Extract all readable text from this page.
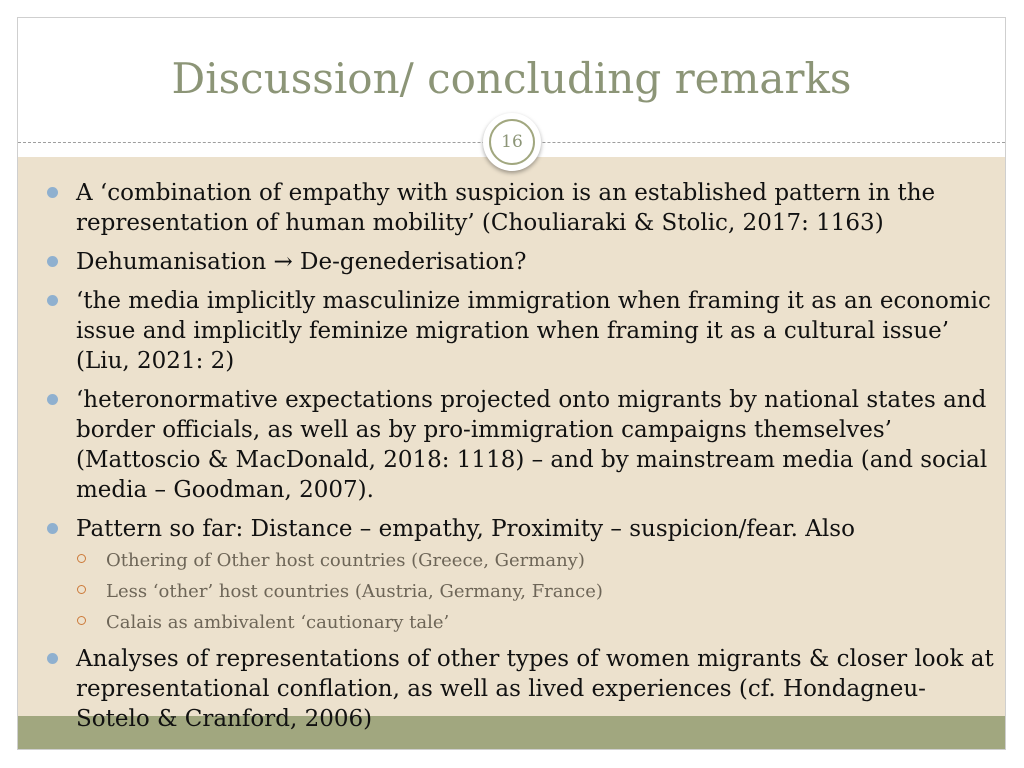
Discussion/ concluding remarks
16
A ‘combination of empathy with suspicion is an established pattern in the representation of human mobility’ (Chouliaraki & Stolic, 2017: 1163)
Dehumanisation → De-genederisation?
‘the media implicitly masculinize immigration when framing it as an economic issue and implicitly feminize migration when framing it as a cultural issue’ (Liu, 2021: 2)
‘heteronormative expectations projected onto migrants by national states and border officials, as well as by pro-immigration campaigns themselves’ (Mattoscio & MacDonald, 2018: 1118) – and by mainstream media (and social media – Goodman, 2007).
Pattern so far: Distance – empathy, Proximity – suspicion/fear. Also
Othering of Other host countries (Greece, Germany)
Less ‘other’ host countries (Austria, Germany, France)
Calais as ambivalent ‘cautionary tale’
Analyses of representations of other types of women migrants & closer look at representational conflation, as well as lived experiences (cf. Hondagneu-Sotelo & Cranford, 2006)
